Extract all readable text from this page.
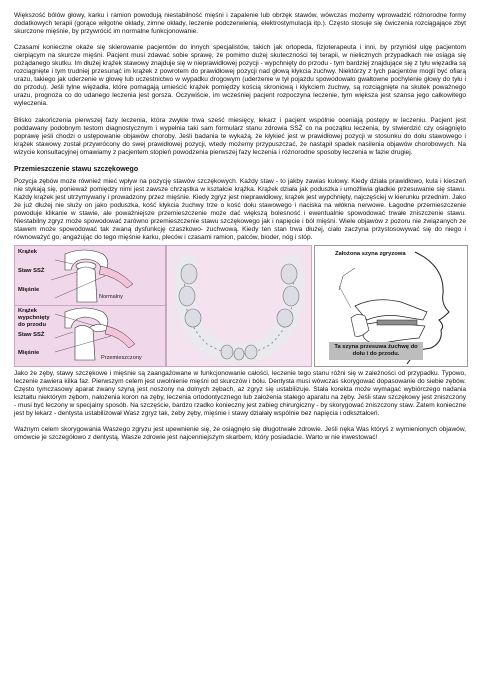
Większość bólów głowy, karku i ramion powodują niestabilność mięśni i zapalenie lub obrzęk stawów, wówczas możemy wprowadzić różnorodne formy dodatkowych terapii (gorące wilgotne okłady, zimne okłady, leczenie podczerwienią, elektrostymulacja itp.). Często stosuje się ćwiczenia rozciągające zbyt skurczone mięśnie, by przywrócić im normalne funkcjonowanie.

Czasami konieczne okaże się skierowanie pacjentów do innych specjalistów, takich jak ortopeda, fizjoterapeuta i inni, by przyniósł ulgę pacjentom cierpiącym na skurcze mięśni. Pacjent musi zdawać sobie sprawę, że pomimo dużej skuteczności tej terapii, w nielicznych przypadkach nie osiąga się pożądanego skutku. Im dłużej krążek stawowy znajduje się w nieprawidłowej pozycji - wypchnięty do przodu - tym bardziej znajdujące się z tyłu więzadła są rozciągnięte i tym trudniej przesunąć im krążek z powrotem do prawidłowej pozycji nad głową kłykcia żuchwy. Niektórzy z tych pacjentów mogli być ofiarą urazu, takiego jak uderzenie w głowę lub uczestnictwo w wypadku drogowym (uderzenie w tył pojazdu spowodowało gwałtowne pochylenie głowy do tyłu i do przodu). Jeśli tylne więzadła, które pomagają umieścić krążek pomiędzy kością skroniową i kłykciem żuchwy, są rozciągnięte na skutek poważnego urazu, prognoza co do udanego leczenia jest gorsza. Oczywiście, im wcześniej pacjent rozpoczyna leczenie, tym większa jest szansa jego całkowitego wyleczenia.

Blisko zakończenia pierwszej fazy leczenia, która zwykle trwa sześć miesięcy, lekarz i pacjent wspólnie oceniają postępy w leczeniu. Pacjent jest poddawany podobnym testom diagnostycznym i wypełnia taki sam formularz stanu zdrowia SSŻ co na początku leczenia, by stwierdzić czy osiągnięto poprawę jeśli chodzi o ustępowanie objawów choroby. Jeśli badania te wykażą, że kłykieć jest w prawidłowej pozycji w stosunku do dołu stawowego i krążek stawowy został przywrócony do swej prawidłowej pozycji, wtedy możemy przypuszczać, że nastąpił spadek nasilenia objawów chorobowych. Na wizycie konsultacyjnej omawiamy z pacjentem stopień powodzenia pierwszej fazy leczenia i różnorodne sposoby leczenia w fazie drugiej.

Przemieszczenie stawu szczękowego

Pozycja zębów może również mieć wpływ na pozycję stawów szczękowych. Każdy staw - to jakby zawias kulowy. Kiedy działa prawidłowo, kula i kieszeń nie stykają się, ponieważ pomiędzy nimi jest zawsze chrząstka w kształcie krążka. Krążek działa jak poduszka i umożliwia gładkie przesuwanie się stawu. Każdy krążek jest utrzymywany i prowadzony przez mięśnie. Kiedy zgryz jest nieprawidłowy, krążek jest wypchnięty, najczęściej w kierunku przednim. Jako że już dłużej nie służy on jako poduszka, kość kłykcia żuchwy trze o kość dołu stawowego i naciska na włókna nerwowe. Łagodne przemieszczenie powoduje klikanie w stawie, ale poważniejsze przemieszczenie może dać większą bolesność i ewentualnie spowodować trwałe zniszczenie stawu. Niestabilny zgryz może spowodować zarówno przemieszczenie stawu szczękowego jak i napięcie i ból mięśni. Wiele objawów z pozoru nie związanych ze stawem może spowodować tak zwaną dysfunkcję czaszkowo- żuchwową. Kiedy ten stan trwa dłużej, ciało zaczyna przystosowywać się do niego i równoważyć go, angażując do tego mięśnie karku, pleców i czasami ramion, palców, bioder, nóg i stóp.

Krążek
Staw SSŻ
Mięśnie
Normalny
Krążek wypchnięty do przodu
Staw SSŻ
Mięśnie
Przemieszczony
Założona szyna zgryzowa
Ta szyna przesuwa żuchwę do dołu i do przodu.

Jako że zęby, stawy szczękowe i mięśnie są zaangażowane w funkcjonowanie całości, leczenie tego stanu różni się w zależności od przypadku. Typowo, leczenie zawiera kilka faz. Pierwszym celem jest uwolnienie mięśni od skurczów i bólu. Dentysta musi wówczas skorygować dopasowanie do siebie zębów. Często tymczasowy aparat zwany szyną jest noszony na dolnych zębach, aż zgryz się ustabilizuje. Stała korekta może wymagać wybiórczego nadania kształtu niektórym zębom, nałożenia koron na zęby, leczenia ortodontycznego lub założenia stałego aparatu na zęby. Jeśli staw szczękowy jest zniszczony - musi być leczony w specjalny sposób. Na szczęście, bardzo rzadko konieczny jest zabieg chirurgiczny - by skorygować zniszczony staw. Zatem konieczne jest by lekarz - dentysta ustabilizował Wasz zgryz tak, żeby zęby, mięśnie i stawy działały wspólnie bez napięcia i odkształceń.

Ważnym celem skorygowania Waszego zgryzu jest upewnienie się, że osiągnęło się długotrwałe zdrowie. Jeśli nęka Was któryś z wymienionych objawów, omówcie je szczegółowo z dentystą. Wasze zdrowie jest najcenniejszym skarbem, który posiadacie. Warto w nie inwestować!
